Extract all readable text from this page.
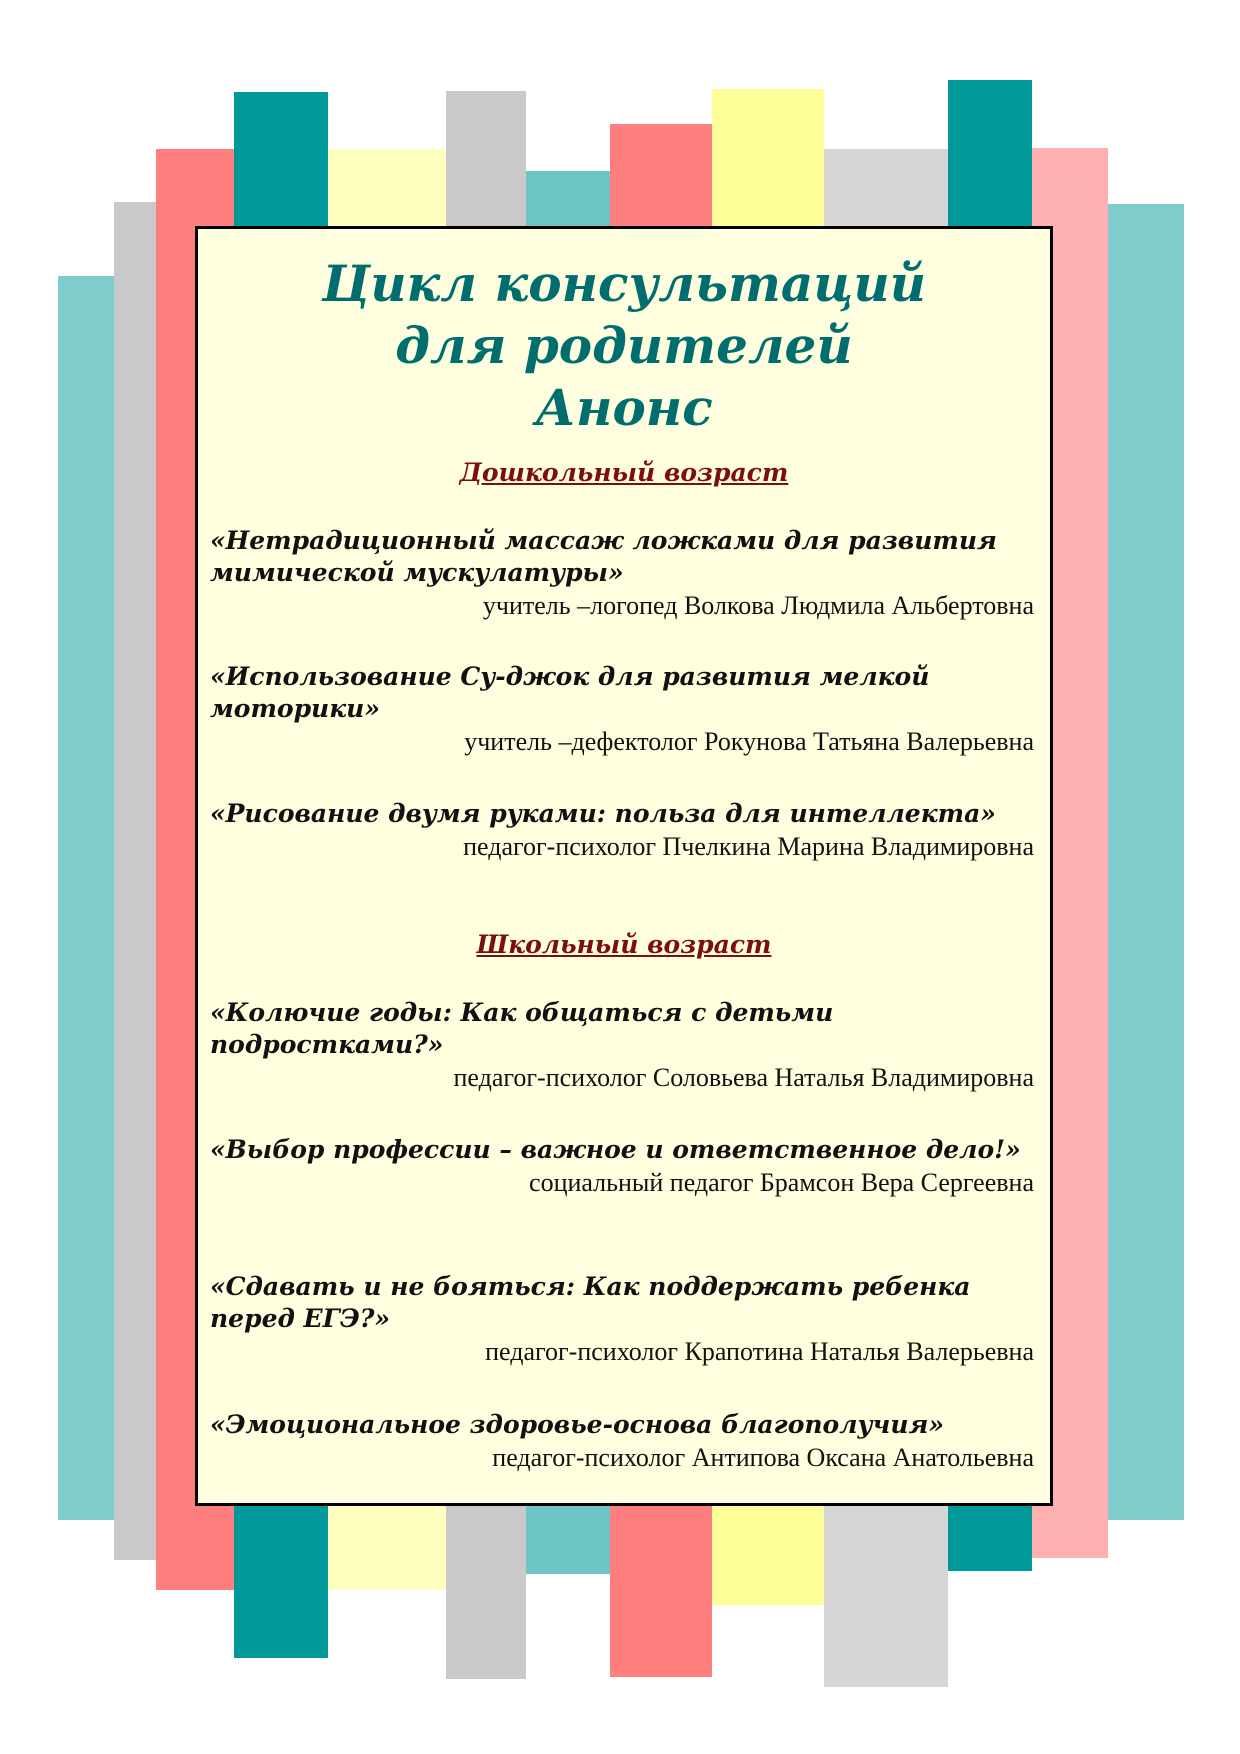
Цикл консультаций
для родителей
Анонс
Дошкольный возраст

«Нетрадиционный массаж ложками для развития мимической мускулатуры»

учитель –логопед Волкова Людмила Альбертовна

«Использование Су-джок для развития мелкой моторики»

учитель –дефектолог Рокунова Татьяна Валерьевна

«Рисование двумя руками: польза для интеллекта»

педагог-психолог Пчелкина Марина Владимировна

Школьный возраст

«Колючие годы: Как общаться с детьми подростками?»

педагог-психолог Соловьева Наталья Владимировна

«Выбор профессии – важное и ответственное дело!»

социальный педагог Брамсон Вера Сергеевна

«Сдавать и не бояться: Как поддержать ребенка перед ЕГЭ?»

педагог-психолог Крапотина Наталья Валерьевна

«Эмоциональное здоровье-основа благополучия»

педагог-психолог Антипова Оксана Анатольевна
